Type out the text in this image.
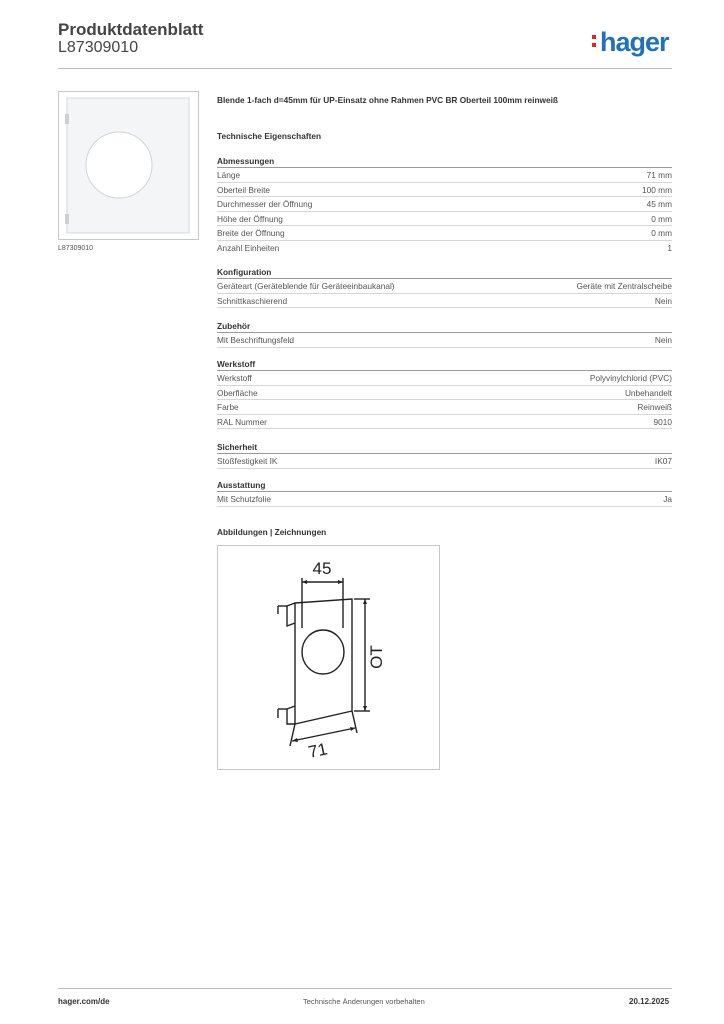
Produktdatenblatt
L87309010	hager
L87309010
Blende 1-fach d=45mm für UP-Einsatz ohne Rahmen PVC BR Oberteil 100mm reinweiß
Technische Eigenschaften
Abmessungen
Länge	71 mm
Oberteil Breite	100 mm
Durchmesser der Öffnung	45 mm
Höhe der Öffnung	0 mm
Breite der Öffnung	0 mm
Anzahl Einheiten	1
Konfiguration
Geräteart (Geräteblende für Geräteeinbaukanal)	Geräte mit Zentralscheibe
Schnittkaschierend	Nein
Zubehör
Mit Beschriftungsfeld	Nein
Werkstoff
Werkstoff	Polyvinylchlorid (PVC)
Oberfläche	Unbehandelt
Farbe	Reinweiß
RAL Nummer	9010
Sicherheit
Stoßfestigkeit IK	IK07
Ausstattung
Mit Schutzfolie	Ja
Abbildungen | Zeichnungen
45
OT
71
hager.com/de	Technische Änderungen vorbehalten	20.12.2025
